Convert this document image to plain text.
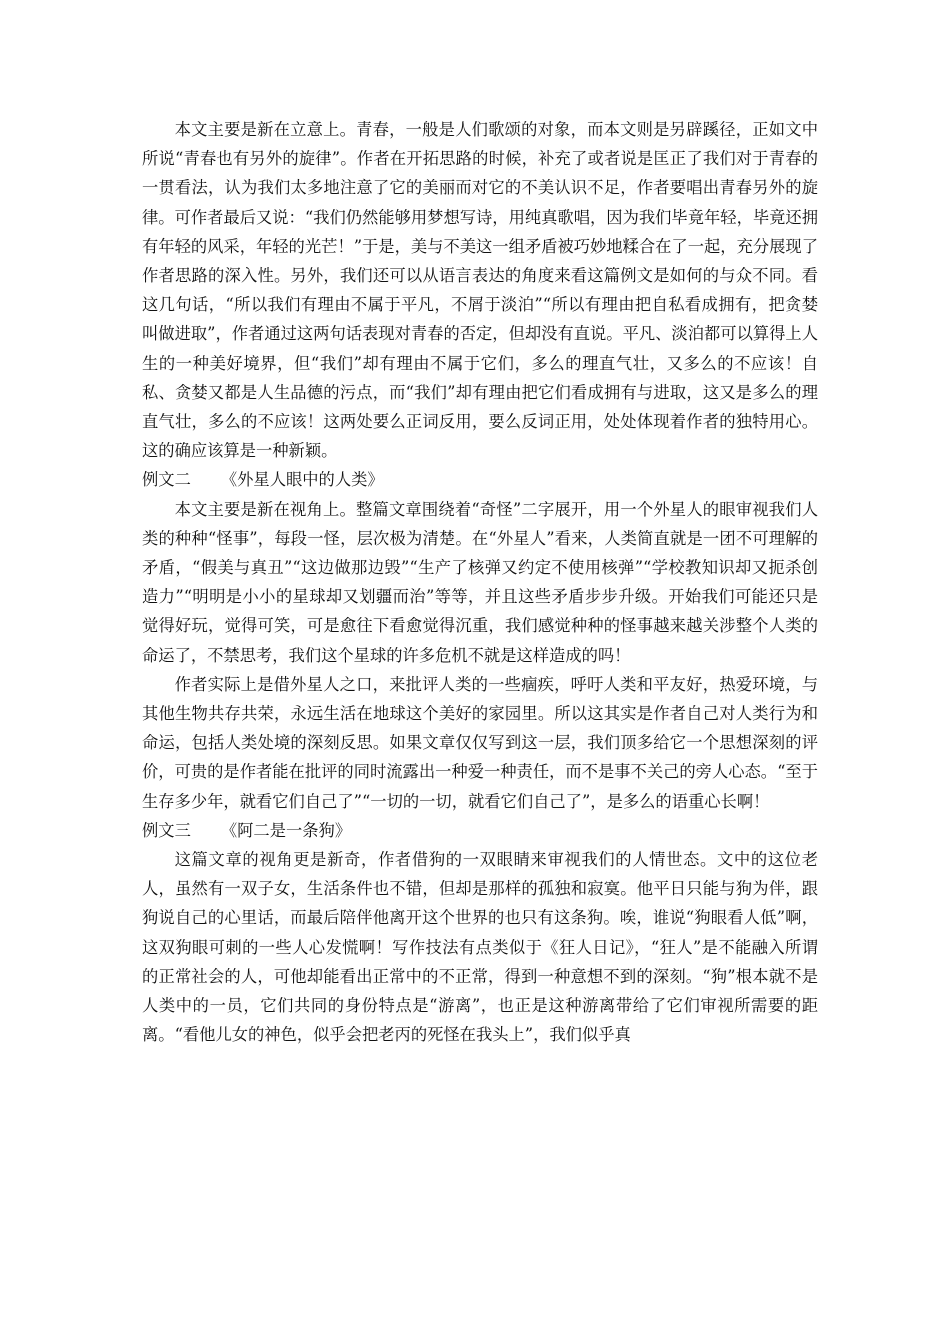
本文主要是新在立意上。青春，一般是人们歌颂的对象，而本文则是另辟蹊径，正如文中所说“青春也有另外的旋律”。作者在开拓思路的时候，补充了或者说是匡正了我们对于青春的一贯看法，认为我们太多地注意了它的美丽而对它的不美认识不足，作者要唱出青春另外的旋律。可作者最后又说：“我们仍然能够用梦想写诗，用纯真歌唱，因为我们毕竟年轻，毕竟还拥有年轻的风采，年轻的光芒！”于是，美与不美这一组矛盾被巧妙地糅合在了一起，充分展现了作者思路的深入性。另外，我们还可以从语言表达的角度来看这篇例文是如何的与众不同。看这几句话，“所以我们有理由不属于平凡，不屑于淡泊”“所以有理由把自私看成拥有，把贪婪叫做进取”，作者通过这两句话表现对青春的否定，但却没有直说。平凡、淡泊都可以算得上人生的一种美好境界，但“我们”却有理由不属于它们，多么的理直气壮，又多么的不应该！自私、贪婪又都是人生品德的污点，而“我们”却有理由把它们看成拥有与进取，这又是多么的理直气壮，多么的不应该！这两处要么正词反用，要么反词正用，处处体现着作者的独特用心。这的确应该算是一种新颖。

例文二 《外星人眼中的人类》

本文主要是新在视角上。整篇文章围绕着“奇怪”二字展开，用一个外星人的眼审视我们人类的种种“怪事”，每段一怪，层次极为清楚。在“外星人”看来，人类简直就是一团不可理解的矛盾，“假美与真丑”“这边做那边毁”“生产了核弹又约定不使用核弹”“学校教知识却又扼杀创造力”“明明是小小的星球却又划疆而治”等等，并且这些矛盾步步升级。开始我们可能还只是觉得好玩，觉得可笑，可是愈往下看愈觉得沉重，我们感觉种种的怪事越来越关涉整个人类的命运了，不禁思考，我们这个星球的许多危机不就是这样造成的吗！

作者实际上是借外星人之口，来批评人类的一些痼疾，呼吁人类和平友好，热爱环境，与其他生物共存共荣，永远生活在地球这个美好的家园里。所以这其实是作者自己对人类行为和命运，包括人类处境的深刻反思。如果文章仅仅写到这一层，我们顶多给它一个思想深刻的评价，可贵的是作者能在批评的同时流露出一种爱一种责任，而不是事不关己的旁人心态。“至于生存多少年，就看它们自己了”“一切的一切，就看它们自己了”，是多么的语重心长啊！

例文三 《阿二是一条狗》

这篇文章的视角更是新奇，作者借狗的一双眼睛来审视我们的人情世态。文中的这位老人，虽然有一双子女，生活条件也不错，但却是那样的孤独和寂寞。他平日只能与狗为伴，跟狗说自己的心里话，而最后陪伴他离开这个世界的也只有这条狗。唉，谁说“狗眼看人低”啊，这双狗眼可刺的一些人心发慌啊！写作技法有点类似于《狂人日记》，“狂人”是不能融入所谓的正常社会的人，可他却能看出正常中的不正常，得到一种意想不到的深刻。“狗”根本就不是人类中的一员，它们共同的身份特点是“游离”，也正是这种游离带给了它们审视所需要的距离。“看他儿女的神色，似乎会把老丙的死怪在我头上”，我们似乎真
